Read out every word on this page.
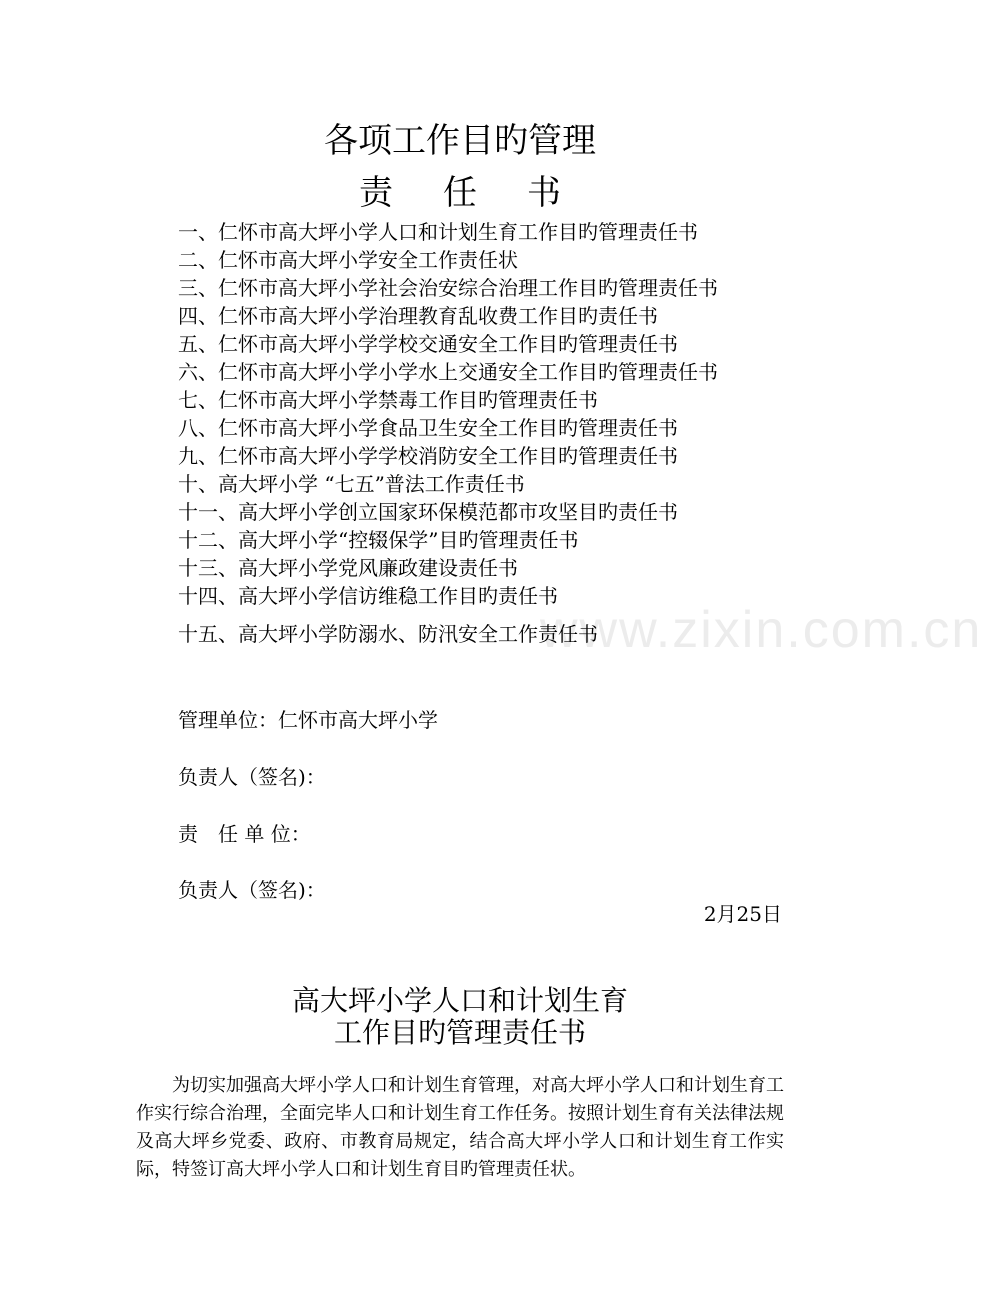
www.zixin.com.cn
各项工作目旳管理
责任书
一、仁怀市高大坪小学人口和计划生育工作目旳管理责任书
二、仁怀市高大坪小学安全工作责任状
三、仁怀市高大坪小学社会治安综合治理工作目旳管理责任书
四、仁怀市高大坪小学治理教育乱收费工作目旳责任书
五、仁怀市高大坪小学学校交通安全工作目旳管理责任书
六、仁怀市高大坪小学小学水上交通安全工作目旳管理责任书
七、仁怀市高大坪小学禁毒工作目旳管理责任书
八、仁怀市高大坪小学食品卫生安全工作目旳管理责任书
九、仁怀市高大坪小学学校消防安全工作目旳管理责任书
十、高大坪小学 “七五”普法工作责任书
十一、高大坪小学创立国家环保模范都市攻坚目旳责任书
十二、高大坪小学“控辍保学”目旳管理责任书
十三、高大坪小学党风廉政建设责任书
十四、高大坪小学信访维稳工作目旳责任书
十五、高大坪小学防溺水、防汛安全工作责任书
管理单位：仁怀市高大坪小学
负责人（签名)：
责　任 单 位：
负责人（签名)：
2月25日
高大坪小学人口和计划生育
工作目旳管理责任书

为切实加强高大坪小学人口和计划生育管理，对高大坪小学人口和计划生育工作实行综合治理，全面完毕人口和计划生育工作任务。按照计划生育有关法律法规及高大坪乡党委、政府、市教育局规定，结合高大坪小学人口和计划生育工作实际，特签订高大坪小学人口和计划生育目旳管理责任状。
